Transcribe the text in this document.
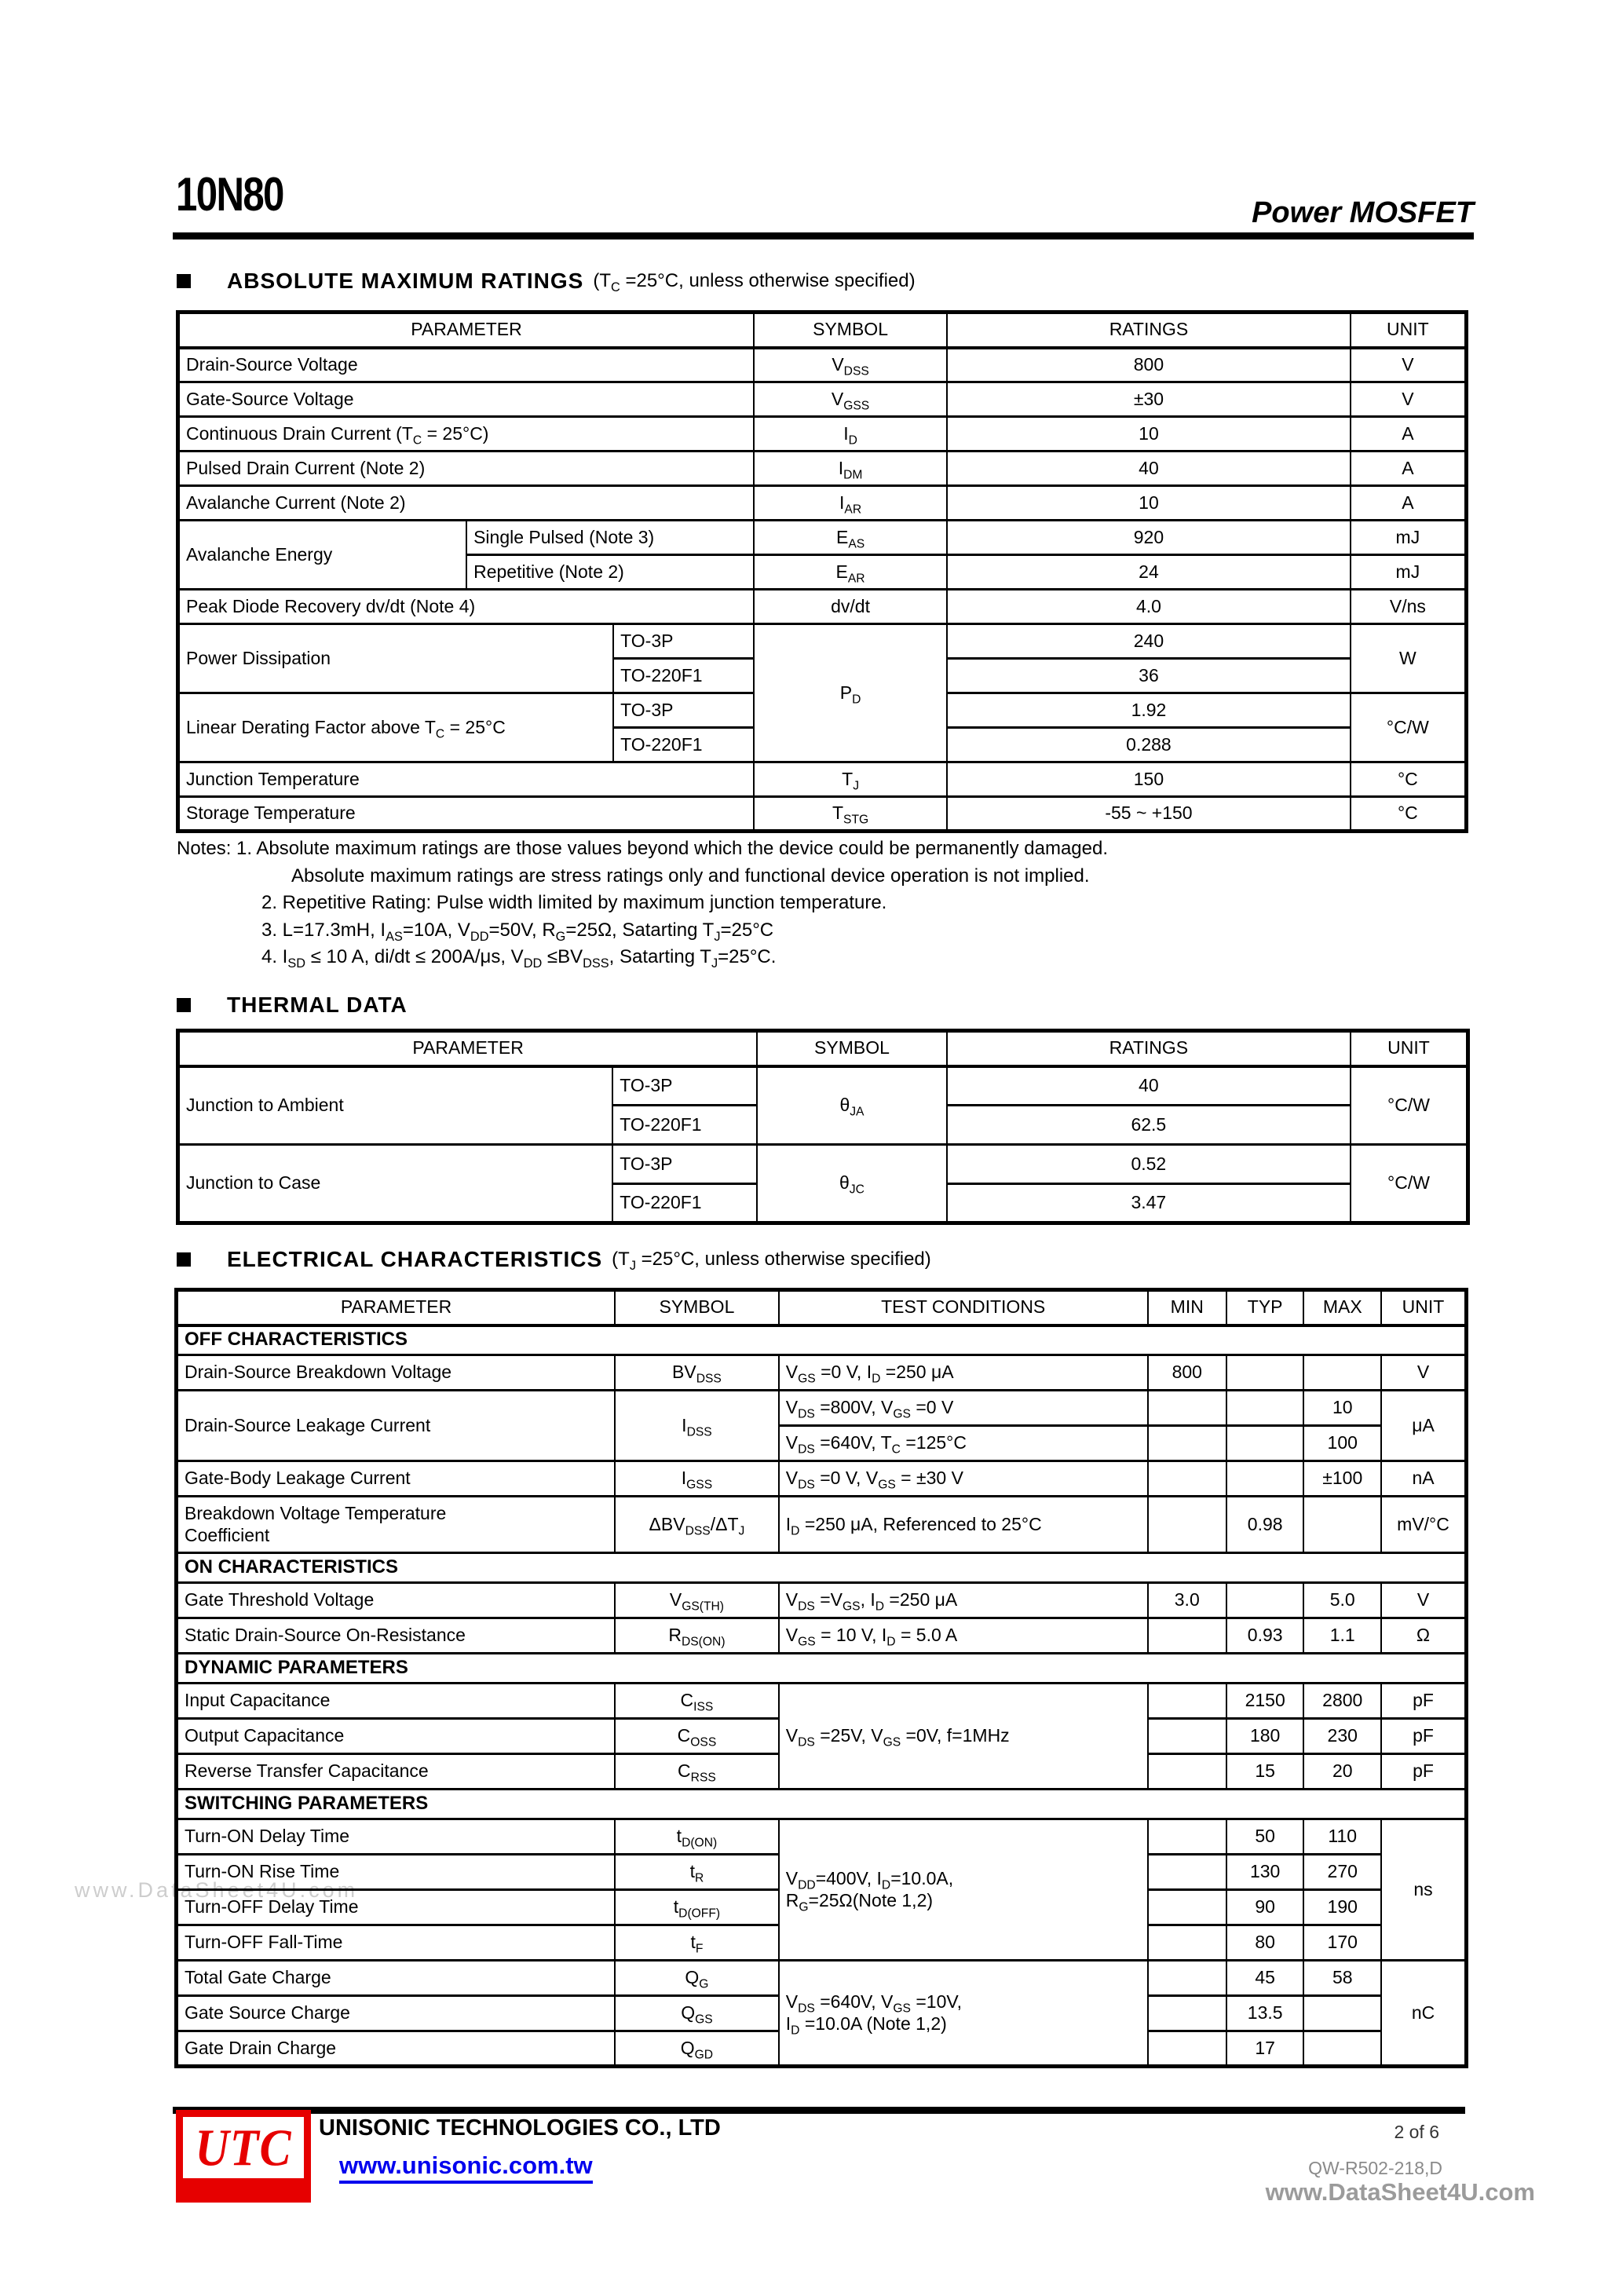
10N80	Power MOSFET
ABSOLUTE MAXIMUM RATINGS ($T_C =25^\circ C$, unless otherwise specified)
PARAMETER			SYMBOL	RATINGS	UNIT
Drain-Source Voltage			$V_{DSS}$	800	V
Gate-Source Voltage			$V_{GSS}$	±30	V
Continuous Drain Current $(T_C = 25^\circ C)$			$I_D$	10	A
Pulsed Drain Current (Note 2)			$I_{DM}$	40	A
Avalanche Current (Note 2)			$I_{AR}$	10	A
Avalanche Energy	Single Pulsed (Note 3)		$E_{AS}$	920	mJ
	Repetitive (Note 2)		$E_{AR}$	24	mJ
Peak Diode Recovery dv/dt (Note 4)			dv/dt	4.0	V/ns
Power Dissipation		TO-3P	$P_D$	240	W
		TO-220F1		36	
Linear Derating Factor above $T_C = 25^\circ C$		TO-3P		1.92	°C/W
		TO-220F1		0.288	
Junction Temperature			$T_J$	150	°C
Storage Temperature			$T_{STG}$	-55 ~ +150	°C
Notes: 1. Absolute maximum ratings are those values beyond which the device could be permanently damaged.
Absolute maximum ratings are stress ratings only and functional device operation is not implied.
2. Repetitive Rating: Pulse width limited by maximum junction temperature.
3. L=17.3mH, $I_{AS}=10A$, $V_{DD}=50V$, $R_G=25\Omega$, Satarting $T_J=25^\circ C$
4. $I_{SD} \le 10$ A, di/dt ≤ 200A/μs, $V_{DD} \le BV_{DSS}$, Satarting $T_J=25^\circ C$.
THERMAL DATA
PARAMETER		SYMBOL	RATINGS	UNIT
Junction to Ambient	TO-3P	$\theta_{JA}$	40	°C/W
	TO-220F1		62.5	
Junction to Case	TO-3P	$\theta_{JC}$	0.52	°C/W
	TO-220F1		3.47	
ELECTRICAL CHARACTERISTICS ($T_J =25^\circ C$, unless otherwise specified)
PARAMETER	SYMBOL	TEST CONDITIONS	MIN	TYP	MAX	UNIT
OFF CHARACTERISTICS						
Drain-Source Breakdown Voltage	$BV_{DSS}$	$V_{GS} =0$ V, $I_D =250$ μA	800			V
Drain-Source Leakage Current	$I_{DSS}$	$V_{DS} =800V$, $V_{GS} =0$ V			10	μA
		$V_{DS} =640V$, $T_C =125^\circ C$			100	
Gate-Body Leakage Current	$I_{GSS}$	$V_{DS} =0$ V, $V_{GS} = \pm 30$ V			±100	nA
Breakdown Voltage Temperature
Coefficient	$\Delta BV_{DSS}/\Delta T_J$	$I_D =250$ μA, Referenced to 25°C		0.98		mV/°C
ON CHARACTERISTICS						
Gate Threshold Voltage	$V_{GS(TH)}$	$V_{DS} =V_{GS}$, $I_D =250$ μA	3.0		5.0	V
Static Drain-Source On-Resistance	$R_{DS(ON)}$	$V_{GS} = 10$ V, $I_D = 5.0$ A		0.93	1.1	Ω
DYNAMIC PARAMETERS						
Input Capacitance	$C_{ISS}$	$V_{DS} =25V$, $V_{GS} =0V$, f=1MHz		2150	2800	pF
Output Capacitance	$C_{OSS}$			180	230	pF
Reverse Transfer Capacitance	$C_{RSS}$			15	20	pF
SWITCHING PARAMETERS						
Turn-ON Delay Time	$t_{D(ON)}$	$V_{DD}=400V$, $I_D=10.0A$,
$R_G=25\Omega(Note$ 1,2)		50	110	ns
Turn-ON Rise Time	$t_R$			130	270	
Turn-OFF Delay Time	$t_{D(OFF)}$			90	190	
Turn-OFF Fall-Time	$t_F$			80	170	
Total Gate Charge	$Q_G$	$V_{DS} =640V$, $V_{GS} =10V$,
$I_D =10.0A$ (Note 1,2)		45	58	nC
Gate Source Charge	$Q_{GS}$			13.5		
Gate Drain Charge	$Q_{GD}$			17		
www.DataSheet4U.com
UTC UNISONIC TECHNOLOGIES CO., LTD
www.unisonic.com.tw
2 of 6
QW-R502-218,D
www.DataSheet4U.com
